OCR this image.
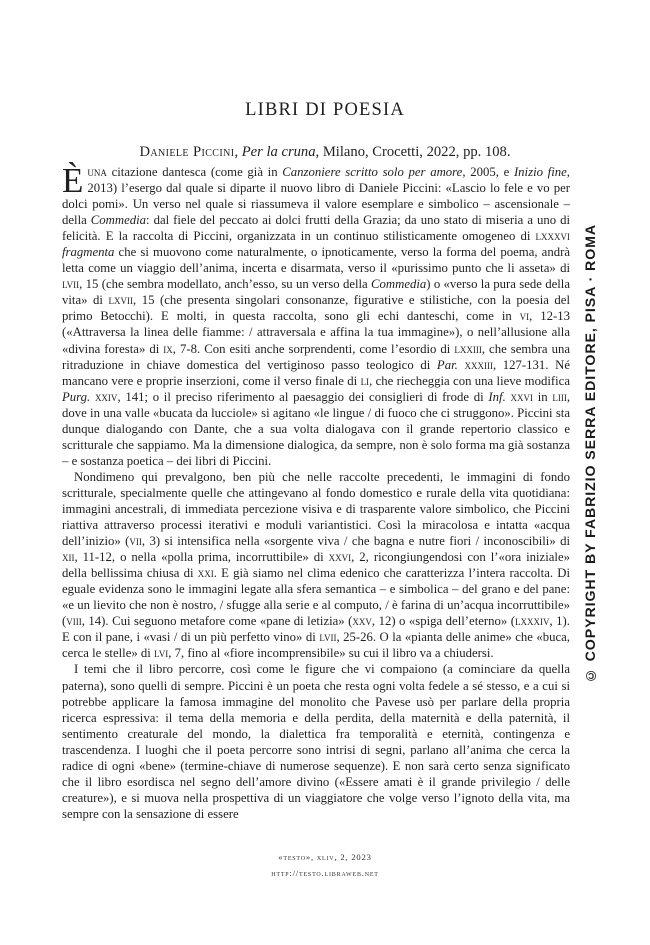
LIBRI DI POESIA

Daniele Piccini, Per la cruna, Milano, Crocetti, 2022, pp. 108.

Èuna citazione dantesca (come già in Canzoniere scritto solo per amore, 2005, e Inizio fine, 2013) l’esergo dal quale si diparte il nuovo libro di Daniele Piccini: «Lascio lo fele e vo per dolci pomi». Un verso nel quale si riassumeva il valore esemplare e simbolico – ascensionale – della Commedia: dal fiele del peccato ai dolci frutti della Grazia; da uno stato di miseria a uno di felicità. E la raccolta di Piccini, organizzata in un continuo stilisticamente omogeneo di lxxxvi fragmenta che si muovono come naturalmente, o ipnoticamente, verso la forma del poema, andrà letta come un viaggio dell’anima, incerta e disarmata, verso il «purissimo punto che li asseta» di lvii, 15 (che sembra modellato, anch’esso, su un verso della Commedia) o «verso la pura sede della vita» di lxvii, 15 (che presenta singolari consonanze, figurative e stilistiche, con la poesia del primo Betocchi). E molti, in questa raccolta, sono gli echi danteschi, come in vi, 12-13 («Attraversa la linea delle fiamme: / attraversala e affina la tua immagine»), o nell’allusione alla «divina foresta» di ix, 7-8. Con esiti anche sorprendenti, come l’esordio di lxxiii, che sembra una ritraduzione in chiave domestica del vertiginoso passo teologico di Par. xxxiii, 127-131. Né mancano vere e proprie inserzioni, come il verso finale di li, che riecheggia con una lieve modifica Purg. xxiv, 141; o il preciso riferimento al paesaggio dei consiglieri di frode di Inf. xxvi in liii, dove in una valle «bucata da lucciole» si agitano «le lingue / di fuoco che ci struggono». Piccini sta dunque dialogando con Dante, che a sua volta dialogava con il grande repertorio classico e scritturale che sappiamo. Ma la dimensione dialogica, da sempre, non è solo forma ma già sostanza – e sostanza poetica – dei libri di Piccini.

Nondimeno qui prevalgono, ben più che nelle raccolte precedenti, le immagini di fondo scritturale, specialmente quelle che attingevano al fondo domestico e rurale della vita quotidiana: immagini ancestrali, di immediata percezione visiva e di trasparente valore simbolico, che Piccini riattiva attraverso processi iterativi e moduli variantistici. Così la miracolosa e intatta «acqua dell’inizio» (vii, 3) si intensifica nella «sorgente viva / che bagna e nutre fiori / inconoscibili» di xii, 11-12, o nella «polla prima, incorruttibile» di xxvi, 2, ricongiungendosi con l’«ora iniziale» della bellissima chiusa di xxi. E già siamo nel clima edenico che caratterizza l’intera raccolta. Di eguale evidenza sono le immagini legate alla sfera semantica – e simbolica – del grano e del pane: «e un lievito che non è nostro, / sfugge alla serie e al computo, / è farina di un’acqua incorruttibile» (viii, 14). Cui seguono metafore come «pane di letizia» (xxv, 12) o «spiga dell’eterno» (lxxxiv, 1). E con il pane, i «vasi / di un più perfetto vino» di lvii, 25-26. O la «pianta delle anime» che «buca, cerca le stelle» di lvi, 7, fino al «fiore incomprensibile» su cui il libro va a chiudersi.

I temi che il libro percorre, così come le figure che vi compaiono (a cominciare da quella paterna), sono quelli di sempre. Piccini è un poeta che resta ogni volta fedele a sé stesso, e a cui si potrebbe applicare la famosa immagine del monolito che Pavese usò per parlare della propria ricerca espressiva: il tema della memoria e della perdita, della maternità e della paternità, il sentimento creaturale del mondo, la dialettica fra temporalità e eternità, contingenza e trascendenza. I luoghi che il poeta percorre sono intrisi di segni, parlano all’anima che cerca la radice di ogni «bene» (termine-chiave di numerose sequenze). E non sarà certo senza significato che il libro esordisca nel segno dell’amore divino («Essere amati è il grande privilegio / delle creature»), e si muova nella prospettiva di un viaggiatore che volge verso l’ignoto della vita, ma sempre con la sensazione di essere

«testo», xliv, 2, 2023
http://testo.libraweb.net
© COPYRIGHT BY FABRIZIO SERRA EDITORE, PISA · ROMA
